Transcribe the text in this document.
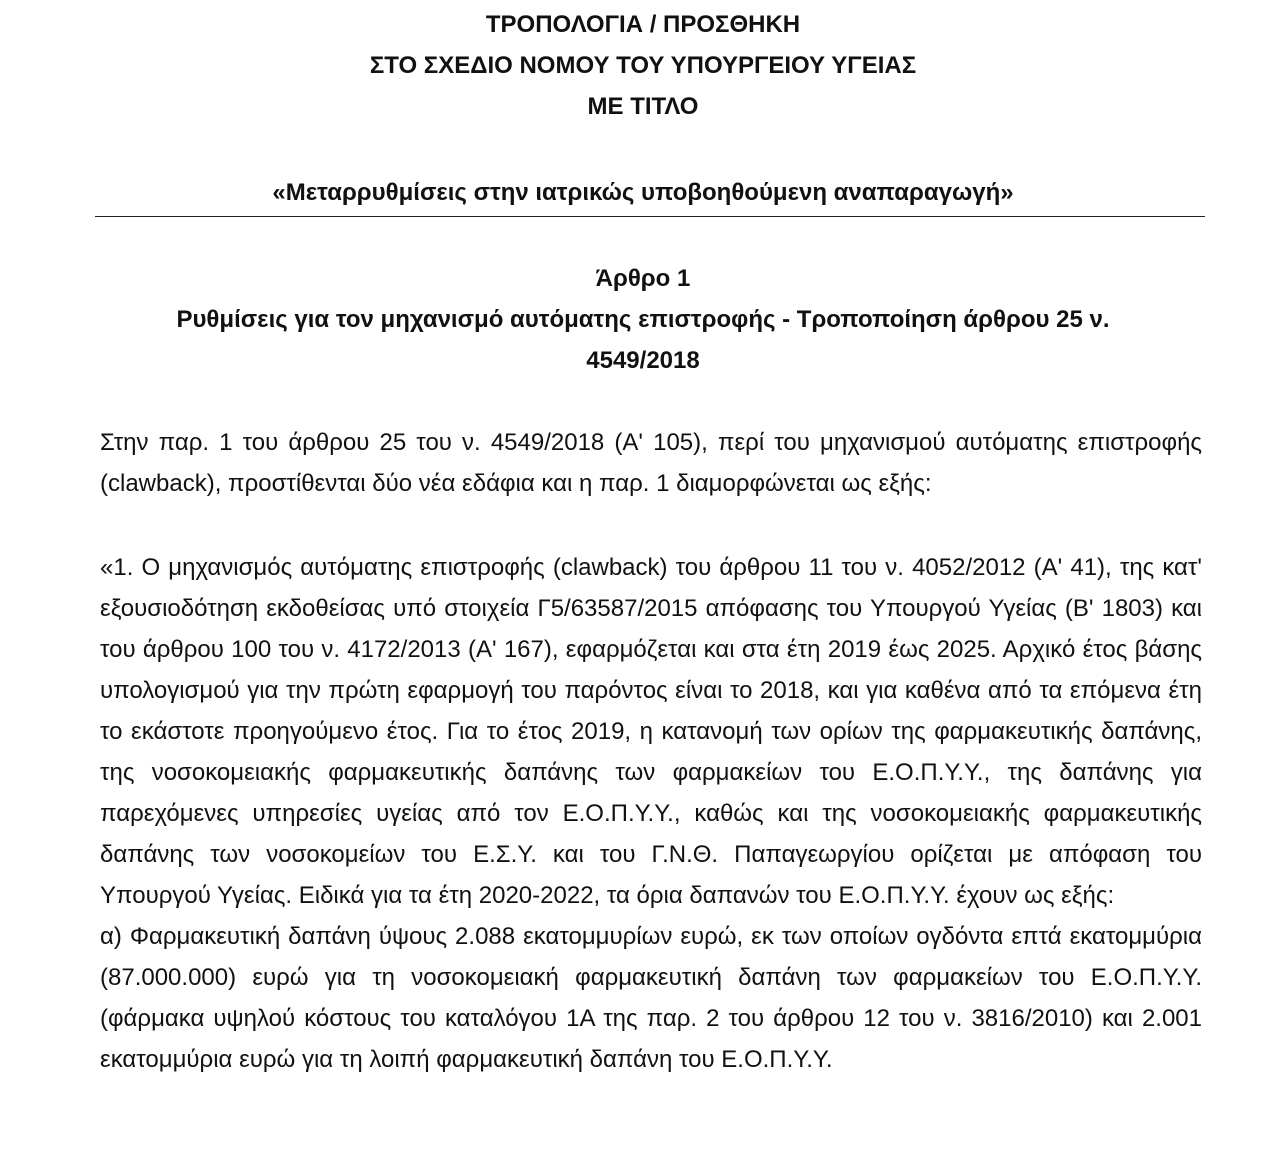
ΤΡΟΠΟΛΟΓΙΑ / ΠΡΟΣΘΗΚΗ
ΣΤΟ ΣΧΕΔΙΟ ΝΟΜΟΥ ΤΟΥ ΥΠΟΥΡΓΕΙΟΥ ΥΓΕΙΑΣ
ΜΕ ΤΙΤΛΟ
«Μεταρρυθμίσεις στην ιατρικώς υποβοηθούμενη αναπαραγωγή»
Άρθρο 1
Ρυθμίσεις για τον μηχανισμό αυτόματης επιστροφής - Τροποποίηση άρθρου 25 ν.
4549/2018

Στην παρ. 1 του άρθρου 25 του ν. 4549/2018 (Α' 105), περί του μηχανισμού αυτόματης επιστροφής (clawback), προστίθενται δύο νέα εδάφια και η παρ. 1 διαμορφώνεται ως εξής:

«1. Ο μηχανισμός αυτόματης επιστροφής (clawback) του άρθρου 11 του ν. 4052/2012 (Α' 41), της κατ' εξουσιοδότηση εκδοθείσας υπό στοιχεία Γ5/63587/2015 απόφασης του Υπουργού Υγείας (Β' 1803) και του άρθρου 100 του ν. 4172/2013 (Α' 167), εφαρμόζεται και στα έτη 2019 έως 2025. Αρχικό έτος βάσης υπολογισμού για την πρώτη εφαρμογή του παρόντος είναι το 2018, και για καθένα από τα επόμενα έτη το εκάστοτε προηγούμενο έτος. Για το έτος 2019, η κατανομή των ορίων της φαρμακευτικής δαπάνης, της νοσοκομειακής φαρμακευτικής δαπάνης των φαρμακείων του Ε.Ο.Π.Υ.Υ., της δαπάνης για παρεχόμενες υπηρεσίες υγείας από τον Ε.Ο.Π.Υ.Υ., καθώς και της νοσοκομειακής φαρμακευτικής δαπάνης των νοσοκομείων του Ε.Σ.Υ. και του Γ.Ν.Θ. Παπαγεωργίου ορίζεται με απόφαση του Υπουργού Υγείας. Ειδικά για τα έτη 2020-2022, τα όρια δαπανών του Ε.Ο.Π.Υ.Υ. έχουν ως εξής:

α) Φαρμακευτική δαπάνη ύψους 2.088 εκατομμυρίων ευρώ, εκ των οποίων ογδόντα επτά εκατομμύρια (87.000.000) ευρώ για τη νοσοκομειακή φαρμακευτική δαπάνη των φαρμακείων του Ε.Ο.Π.Υ.Υ. (φάρμακα υψηλού κόστους του καταλόγου 1Α της παρ. 2 του άρθρου 12 του ν. 3816/2010) και 2.001 εκατομμύρια ευρώ για τη λοιπή φαρμακευτική δαπάνη του Ε.Ο.Π.Υ.Υ.
